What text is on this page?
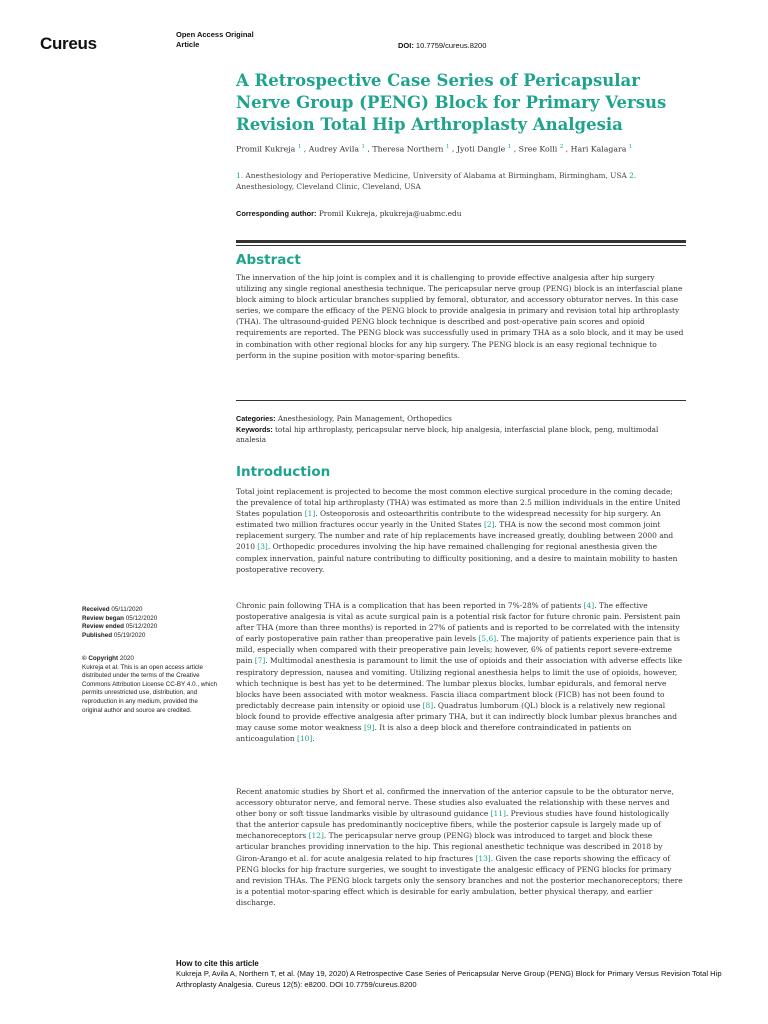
Cureus	Open Access Original
Article	DOI: 10.7759/cureus.8200
A Retrospective Case Series of Pericapsular Nerve Group (PENG) Block for Primary Versus Revision Total Hip Arthroplasty Analgesia
Promil Kukreja $^1$ , Audrey Avila $^1$ , Theresa Northern $^1$ , Jyoti Dangle $^1$ , Sree Kolli $^2$ , Hari Kalagara $^1$
1. Anesthesiology and Perioperative Medicine, University of Alabama at Birmingham, Birmingham, USA 2. Anesthesiology, Cleveland Clinic, Cleveland, USA
Corresponding author: Promil Kukreja, pkukreja@uabmc.edu
Abstract

The innervation of the hip joint is complex and it is challenging to provide effective analgesia after hip surgery utilizing any single regional anesthesia technique. The pericapsular nerve group (PENG) block is an interfascial plane block aiming to block articular branches supplied by femoral, obturator, and accessory obturator nerves. In this case series, we compare the efficacy of the PENG block to provide analgesia in primary and revision total hip arthroplasty (THA). The ultrasound-guided PENG block technique is described and post-operative pain scores and opioid requirements are reported. The PENG block was successfully used in primary THA as a solo block, and it may be used in combination with other regional blocks for any hip surgery. The PENG block is an easy regional technique to perform in the supine position with motor-sparing benefits.

Categories: Anesthesiology, Pain Management, Orthopedics
Keywords: total hip arthroplasty, pericapsular nerve block, hip analgesia, interfascial plane block, peng, multimodal analesia
Introduction

Total joint replacement is projected to become the most common elective surgical procedure in the coming decade; the prevalence of total hip arthroplasty (THA) was estimated as more than 2.5 million individuals in the entire United States population [1]. Osteoporosis and osteoarthritis contribute to the widespread necessity for hip surgery. An estimated two million fractures occur yearly in the United States [2]. THA is now the second most common joint replacement surgery. The number and rate of hip replacements have increased greatly, doubling between 2000 and 2010 [3]. Orthopedic procedures involving the hip have remained challenging for regional anesthesia given the complex innervation, painful nature contributing to difficulty positioning, and a desire to maintain mobility to hasten postoperative recovery.

Chronic pain following THA is a complication that has been reported in 7%-28% of patients [4]. The effective postoperative analgesia is vital as acute surgical pain is a potential risk factor for future chronic pain. Persistent pain after THA (more than three months) is reported in 27% of patients and is reported to be correlated with the intensity of early postoperative pain rather than preoperative pain levels [5,6]. The majority of patients experience pain that is mild, especially when compared with their preoperative pain levels; however, 6% of patients report severe-extreme pain [7]. Multimodal anesthesia is paramount to limit the use of opioids and their association with adverse effects like respiratory depression, nausea and vomiting. Utilizing regional anesthesia helps to limit the use of opioids, however, which technique is best has yet to be determined. The lumbar plexus blocks, lumbar epidurals, and femoral nerve blocks have been associated with motor weakness. Fascia iliaca compartment block (FICB) has not been found to predictably decrease pain intensity or opioid use [8]. Quadratus lumborum (QL) block is a relatively new regional block found to provide effective analgesia after primary THA, but it can indirectly block lumbar plexus branches and may cause some motor weakness [9]. It is also a deep block and therefore contraindicated in patients on anticoagulation [10].

Recent anatomic studies by Short et al. confirmed the innervation of the anterior capsule to be the obturator nerve, accessory obturator nerve, and femoral nerve. These studies also evaluated the relationship with these nerves and other bony or soft tissue landmarks visible by ultrasound guidance [11]. Previous studies have found histologically that the anterior capsule has predominantly nociceptive fibers, while the posterior capsule is largely made up of mechanoreceptors [12]. The pericapsular nerve group (PENG) block was introduced to target and block these articular branches providing innervation to the hip. This regional anesthetic technique was described in 2018 by Giron-Arango et al. for acute analgesia related to hip fractures [13]. Given the case reports showing the efficacy of PENG blocks for hip fracture surgeries, we sought to investigate the analgesic efficacy of PENG blocks for primary and revision THAs. The PENG block targets only the sensory branches and not the posterior mechanoreceptors; there is a potential motor-sparing effect which is desirable for early ambulation, better physical therapy, and earlier discharge.

Received 05/11/2020
Review began 05/12/2020
Review ended 05/12/2020
Published 05/19/2020
© Copyright 2020
Kukreja et al. This is an open access article distributed under the terms of the Creative Commons Attribution License CC-BY 4.0., which permits unrestricted use, distribution, and reproduction in any medium, provided the original author and source are credited.
How to cite this article
Kukreja P, Avila A, Northern T, et al. (May 19, 2020) A Retrospective Case Series of Pericapsular Nerve Group (PENG) Block for Primary Versus Revision Total Hip Arthroplasty Analgesia. Cureus 12(5): e8200. DOI 10.7759/cureus.8200
